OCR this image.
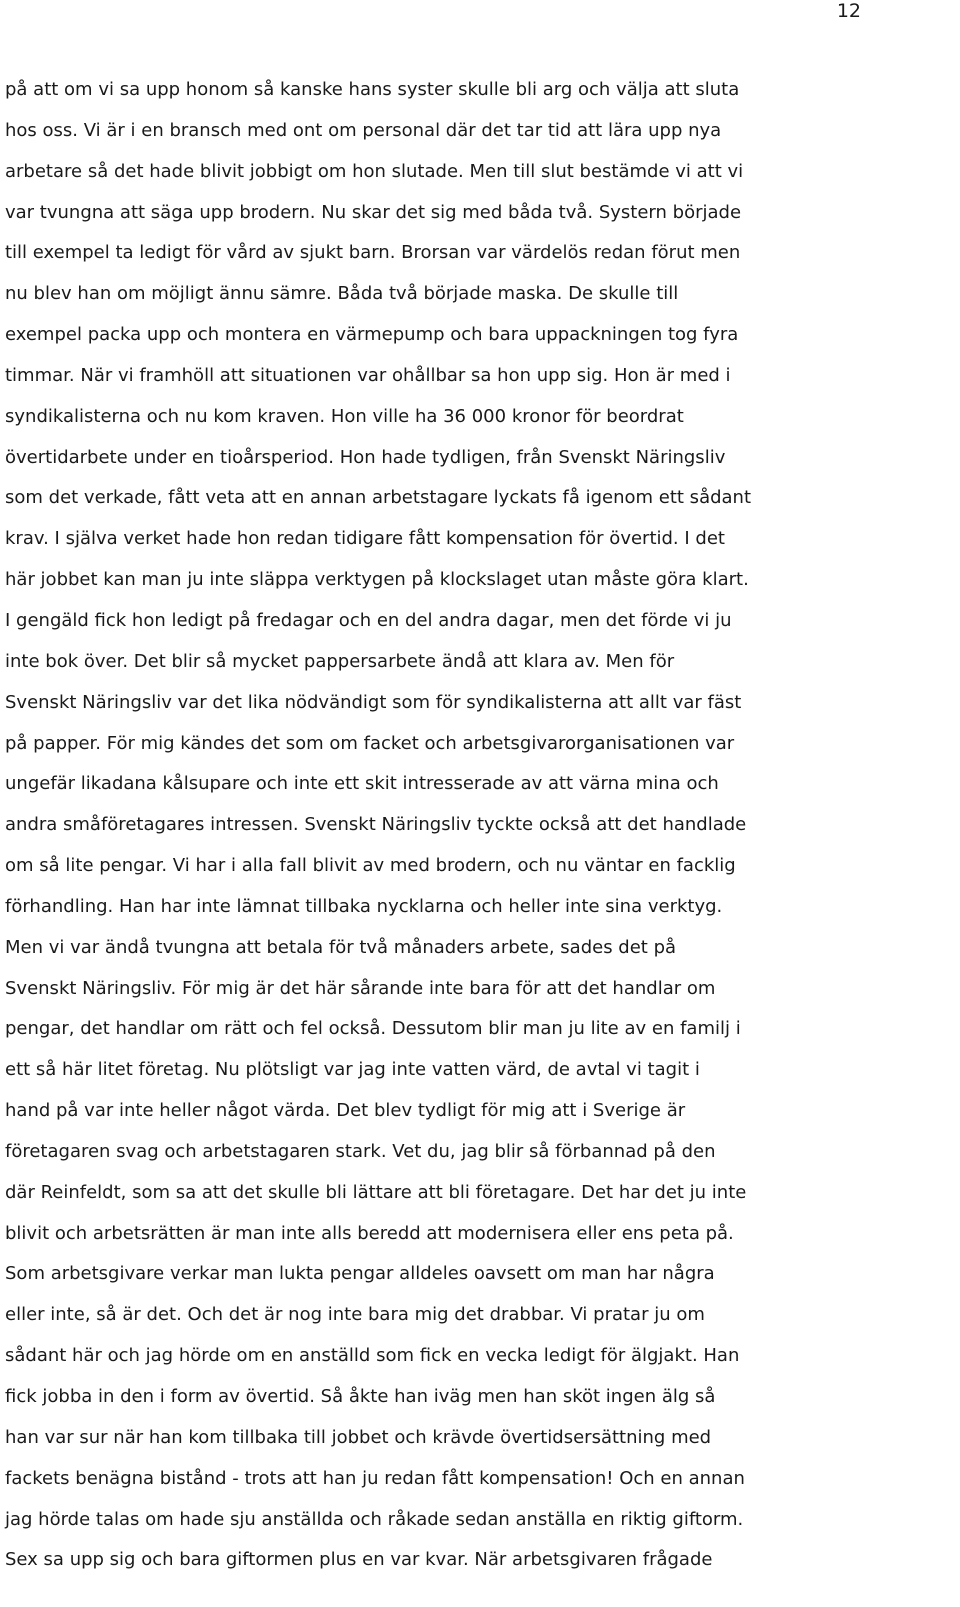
12
på att om vi sa upp honom så kanske hans syster skulle bli arg och välja att sluta
hos oss. Vi är i en bransch med ont om personal där det tar tid att lära upp nya
arbetare så det hade blivit jobbigt om hon slutade. Men till slut bestämde vi att vi
var tvungna att säga upp brodern. Nu skar det sig med båda två. Systern började
till exempel ta ledigt för vård av sjukt barn. Brorsan var värdelös redan förut men
nu blev han om möjligt ännu sämre. Båda två började maska. De skulle till
exempel packa upp och montera en värmepump och bara uppackningen tog fyra
timmar. När vi framhöll att situationen var ohållbar sa hon upp sig. Hon är med i
syndikalisterna och nu kom kraven. Hon ville ha 36 000 kronor för beordrat
övertidarbete under en tioårsperiod. Hon hade tydligen, från Svenskt Näringsliv
som det verkade, fått veta att en annan arbetstagare lyckats få igenom ett sådant
krav. I själva verket hade hon redan tidigare fått kompensation för övertid. I det
här jobbet kan man ju inte släppa verktygen på klockslaget utan måste göra klart.
I gengäld fick hon ledigt på fredagar och en del andra dagar, men det förde vi ju
inte bok över. Det blir så mycket pappersarbete ändå att klara av. Men för
Svenskt Näringsliv var det lika nödvändigt som för syndikalisterna att allt var fäst
på papper. För mig kändes det som om facket och arbetsgivarorganisationen var
ungefär likadana kålsupare och inte ett skit intresserade av att värna mina och
andra småföretagares intressen. Svenskt Näringsliv tyckte också att det handlade
om så lite pengar. Vi har i alla fall blivit av med brodern, och nu väntar en facklig
förhandling. Han har inte lämnat tillbaka nycklarna och heller inte sina verktyg.
Men vi var ändå tvungna att betala för två månaders arbete, sades det på
Svenskt Näringsliv. För mig är det här sårande inte bara för att det handlar om
pengar, det handlar om rätt och fel också. Dessutom blir man ju lite av en familj i
ett så här litet företag. Nu plötsligt var jag inte vatten värd, de avtal vi tagit i
hand på var inte heller något värda. Det blev tydligt för mig att i Sverige är
företagaren svag och arbetstagaren stark. Vet du, jag blir så förbannad på den
där Reinfeldt, som sa att det skulle bli lättare att bli företagare. Det har det ju inte
blivit och arbetsrätten är man inte alls beredd att modernisera eller ens peta på.
Som arbetsgivare verkar man lukta pengar alldeles oavsett om man har några
eller inte, så är det. Och det är nog inte bara mig det drabbar. Vi pratar ju om
sådant här och jag hörde om en anställd som fick en vecka ledigt för älgjakt. Han
fick jobba in den i form av övertid. Så åkte han iväg men han sköt ingen älg så
han var sur när han kom tillbaka till jobbet och krävde övertidsersättning med
fackets benägna bistånd - trots att han ju redan fått kompensation! Och en annan
jag hörde talas om hade sju anställda och råkade sedan anställa en riktig giftorm.
Sex sa upp sig och bara giftormen plus en var kvar. När arbetsgivaren frågade
